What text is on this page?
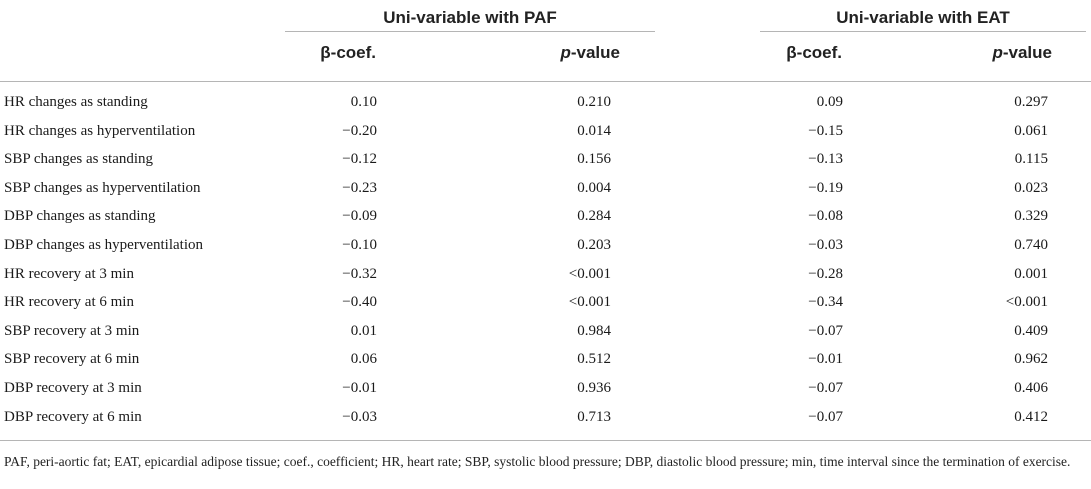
Uni-variable with PAF	Uni-variable with EAT
β-coef.	p-value	β-coef.	p-value
HR changes as standing	0.10	0.210	0.09	0.297
HR changes as hyperventilation	−0.20	0.014	−0.15	0.061
SBP changes as standing	−0.12	0.156	−0.13	0.115
SBP changes as hyperventilation	−0.23	0.004	−0.19	0.023
DBP changes as standing	−0.09	0.284	−0.08	0.329
DBP changes as hyperventilation	−0.10	0.203	−0.03	0.740
HR recovery at 3 min	−0.32	<0.001	−0.28	0.001
HR recovery at 6 min	−0.40	<0.001	−0.34	<0.001
SBP recovery at 3 min	0.01	0.984	−0.07	0.409
SBP recovery at 6 min	0.06	0.512	−0.01	0.962
DBP recovery at 3 min	−0.01	0.936	−0.07	0.406
DBP recovery at 6 min	−0.03	0.713	−0.07	0.412
PAF, peri-aortic fat; EAT, epicardial adipose tissue; coef., coefficient; HR, heart rate; SBP, systolic blood pressure; DBP, diastolic blood pressure; min, time interval since the termination of exercise.
